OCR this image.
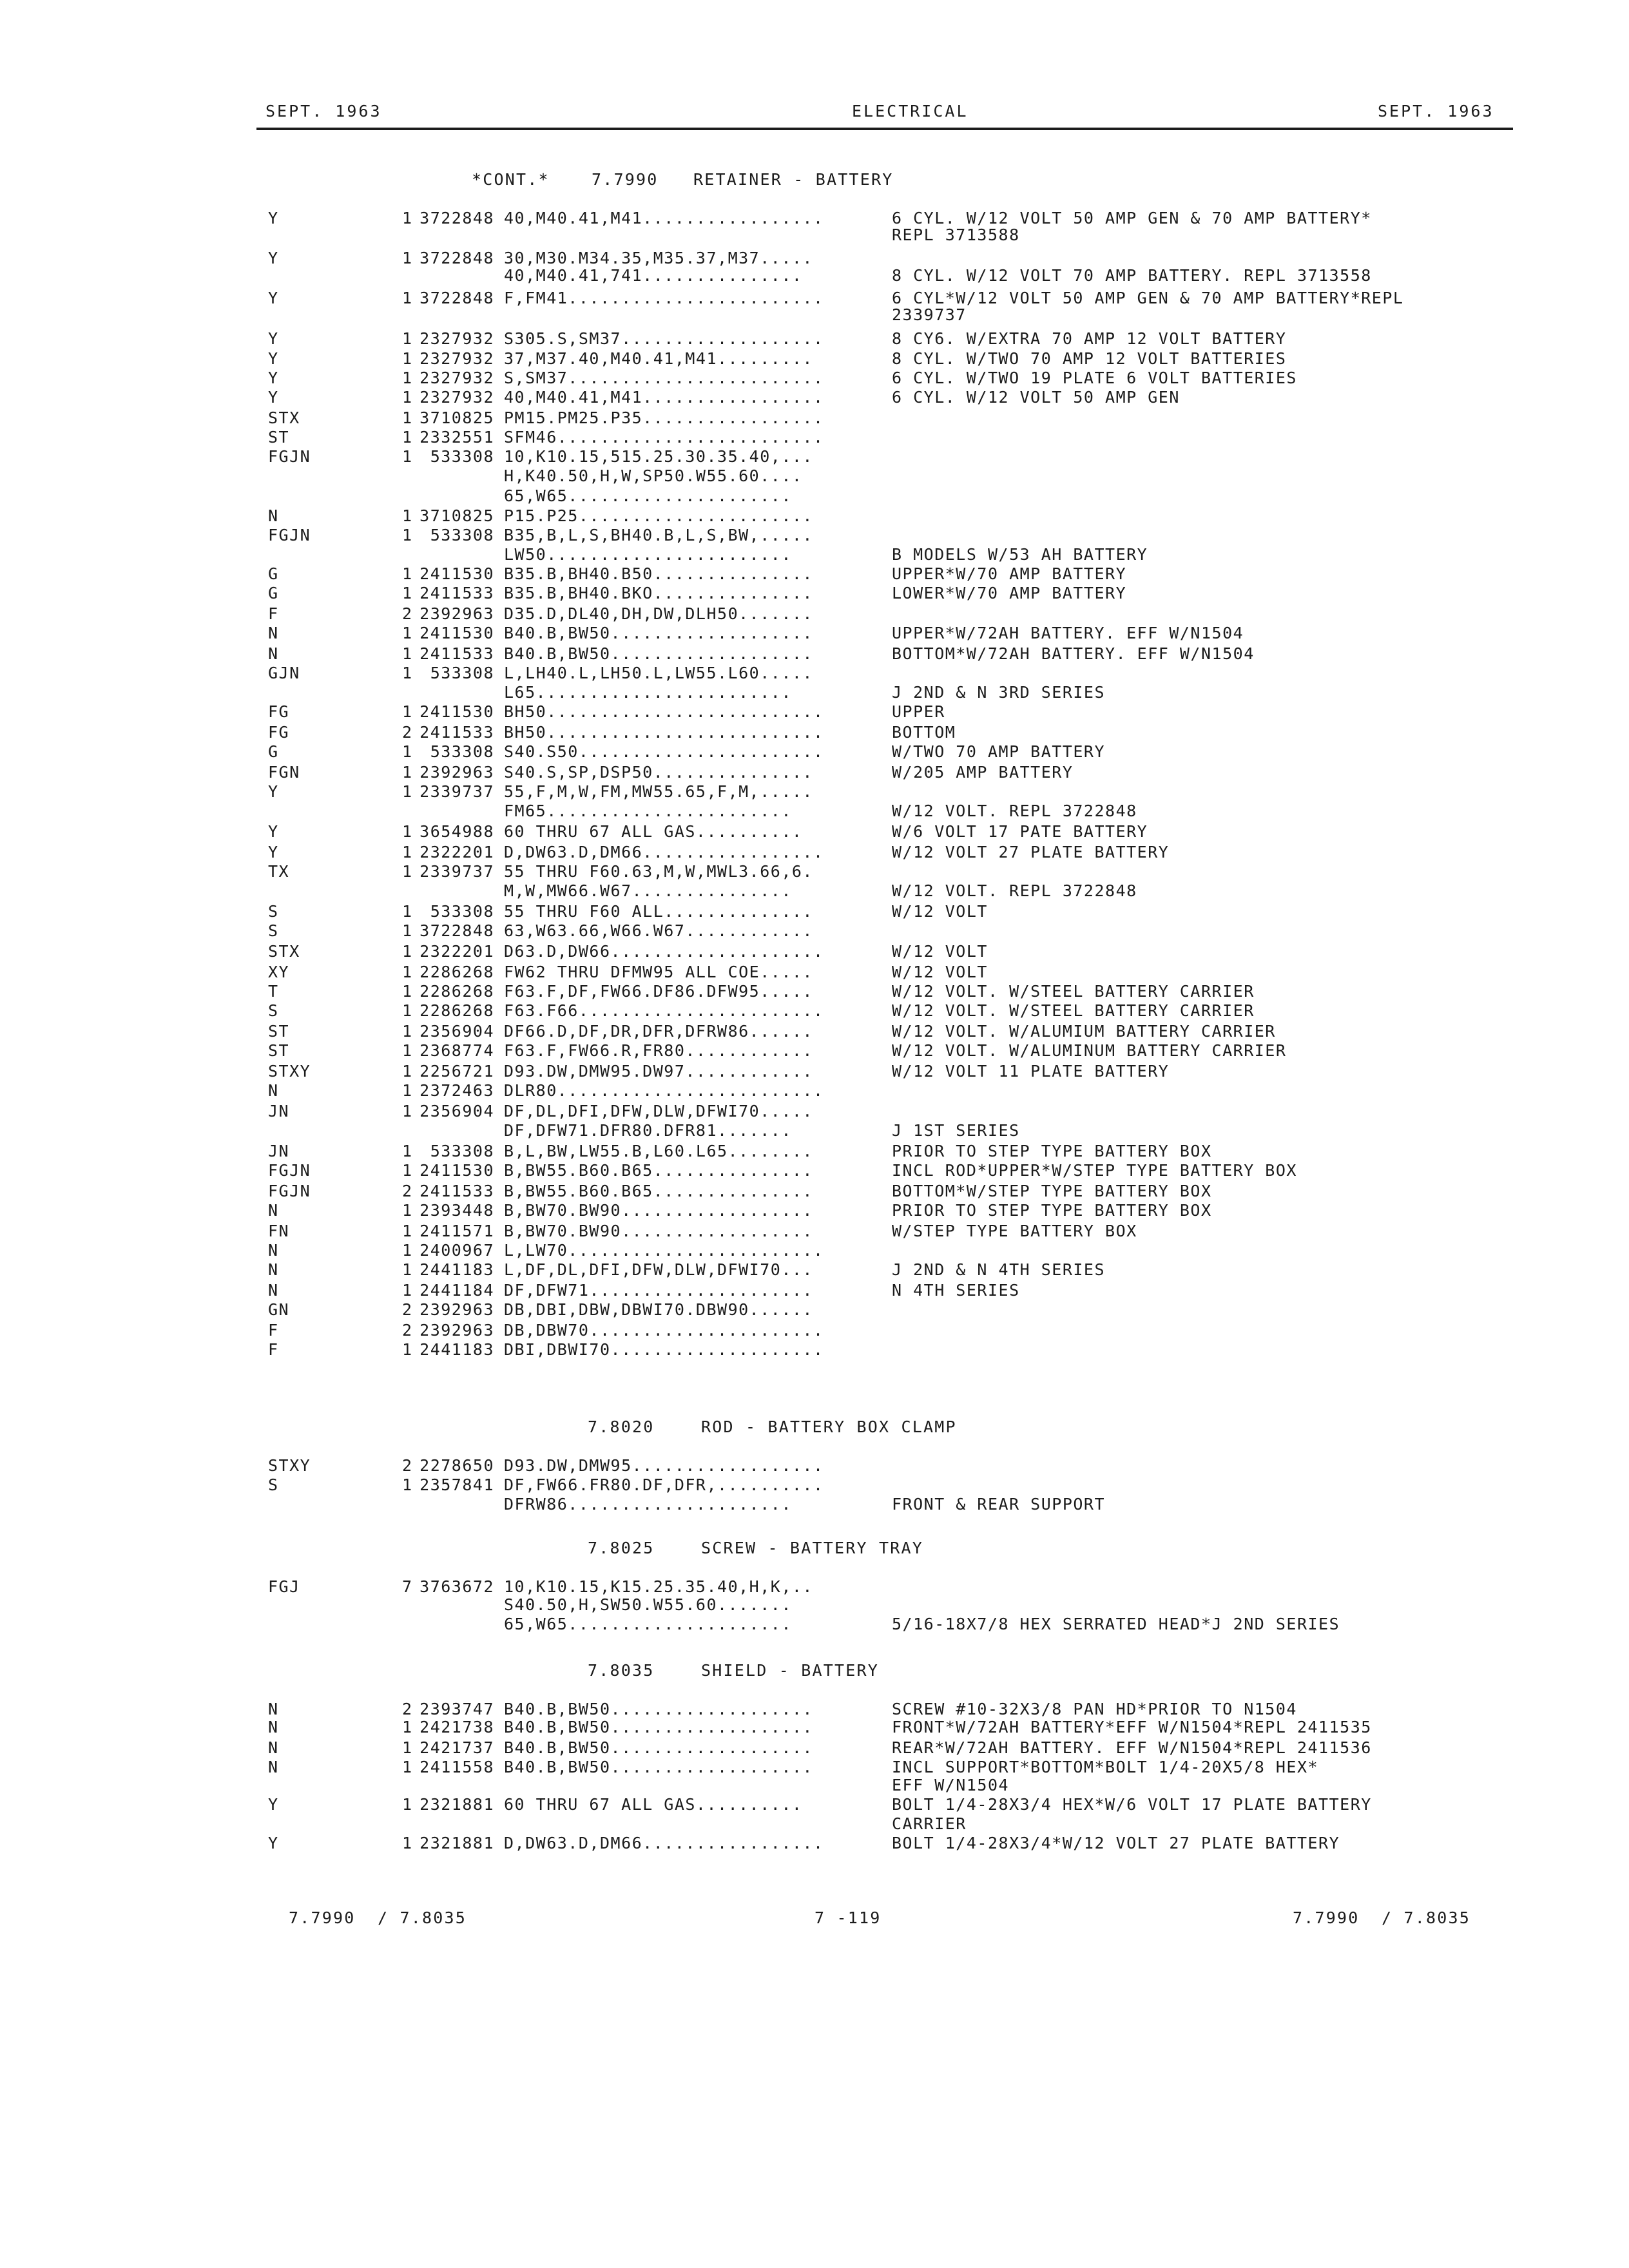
SEPT. 1963	ELECTRICAL	SEPT. 1963
*CONT.*	7.7990 RETAINER - BATTERY
7.8020	ROD - BATTERY BOX CLAMP
7.8025	SCREW - BATTERY TRAY
7.8035	SHIELD - BATTERY
Y	1 3722848 40,M40.41,M41.................	6 CYL. W/12 VOLT 50 AMP GEN & 70 AMP BATTERY*
REPL 3713588
Y	1 3722848 30,M30.M34.35,M35.37,M37.....
40,M40.41,741...............	8 CYL. W/12 VOLT 70 AMP BATTERY. REPL 3713558
Y	1 3722848 F,FM41........................	6 CYL*W/12 VOLT 50 AMP GEN & 70 AMP BATTERY*REPL
2339737
Y	1 2327932 S305.S,SM37...................	8 CY6. W/EXTRA 70 AMP 12 VOLT BATTERY
Y	1 2327932 37,M37.40,M40.41,M41.........	8 CYL. W/TWO 70 AMP 12 VOLT BATTERIES
Y	1 2327932 S,SM37........................	6 CYL. W/TWO 19 PLATE 6 VOLT BATTERIES
Y	1 2327932 40,M40.41,M41.................	6 CYL. W/12 VOLT 50 AMP GEN
STX	1 3710825 PM15.PM25.P35.................
ST	1 2332551 SFM46.........................
FGJN	1	533308 10,K10.15,515.25.30.35.40,...
H,K40.50,H,W,SP50.W55.60....
65,W65.....................
N	1 3710825 P15.P25......................
FGJN	1	533308 B35,B,L,S,BH40.B,L,S,BW,.....
LW50.......................	B MODELS W/53 AH BATTERY
G	1 2411530 B35.B,BH40.B50...............	UPPER*W/70 AMP BATTERY
G	1 2411533 B35.B,BH40.BKO...............	LOWER*W/70 AMP BATTERY
F	2 2392963 D35.D,DL40,DH,DW,DLH50.......
N	1 2411530 B40.B,BW50...................	UPPER*W/72AH BATTERY. EFF W/N1504
N	1 2411533 B40.B,BW50...................	BOTTOM*W/72AH BATTERY. EFF W/N1504
GJN	1	533308 L,LH40.L,LH50.L,LW55.L60.....
L65........................	J 2ND & N 3RD SERIES
FG	1 2411530 BH50..........................	UPPER
FG	2 2411533 BH50..........................	BOTTOM
G	1	533308 S40.S50.......................	W/TWO 70 AMP BATTERY
FGN	1 2392963 S40.S,SP,DSP50...............	W/205 AMP BATTERY
Y	1 2339737 55,F,M,W,FM,MW55.65,F,M,.....
FM65.......................	W/12 VOLT. REPL 3722848
Y	1 3654988 60 THRU 67 ALL GAS..........	W/6 VOLT 17 PATE BATTERY
Y	1 2322201 D,DW63.D,DM66.................	W/12 VOLT 27 PLATE BATTERY
TX	1 2339737 55 THRU F60.63,M,W,MWL3.66,6.
M,W,MW66.W67...............	W/12 VOLT. REPL 3722848
S	1	533308 55 THRU F60 ALL..............	W/12 VOLT
S	1 3722848 63,W63.66,W66.W67............
STX	1 2322201 D63.D,DW66....................	W/12 VOLT
XY	1 2286268 FW62 THRU DFMW95 ALL COE.....	W/12 VOLT
T	1 2286268 F63.F,DF,FW66.DF86.DFW95.....	W/12 VOLT. W/STEEL BATTERY CARRIER
S	1 2286268 F63.F66.......................	W/12 VOLT. W/STEEL BATTERY CARRIER
ST	1 2356904 DF66.D,DF,DR,DFR,DFRW86......	W/12 VOLT. W/ALUMIUM BATTERY CARRIER
ST	1 2368774 F63.F,FW66.R,FR80............	W/12 VOLT. W/ALUMINUM BATTERY CARRIER
STXY	1 2256721 D93.DW,DMW95.DW97............	W/12 VOLT 11 PLATE BATTERY
N	1 2372463 DLR80.........................
JN	1 2356904 DF,DL,DFI,DFW,DLW,DFWI70.....
DF,DFW71.DFR80.DFR81.......	J 1ST SERIES
JN	1	533308 B,L,BW,LW55.B,L60.L65........	PRIOR TO STEP TYPE BATTERY BOX
FGJN	1 2411530 B,BW55.B60.B65...............	INCL ROD*UPPER*W/STEP TYPE BATTERY BOX
FGJN	2 2411533 B,BW55.B60.B65...............	BOTTOM*W/STEP TYPE BATTERY BOX
N	1 2393448 B,BW70.BW90..................	PRIOR TO STEP TYPE BATTERY BOX
FN	1 2411571 B,BW70.BW90..................	W/STEP TYPE BATTERY BOX
N	1 2400967 L,LW70........................
N	1 2441183 L,DF,DL,DFI,DFW,DLW,DFWI70...	J 2ND & N 4TH SERIES
N	1 2441184 DF,DFW71.....................	N 4TH SERIES
GN	2 2392963 DB,DBI,DBW,DBWI70.DBW90......
F	2 2392963 DB,DBW70......................
F	1 2441183 DBI,DBWI70....................
STXY	2 2278650 D93.DW,DMW95..................
S	1 2357841 DF,FW66.FR80.DF,DFR,..........
DFRW86.....................	FRONT & REAR SUPPORT
FGJ	7 3763672 10,K10.15,K15.25.35.40,H,K,..
S40.50,H,SW50.W55.60.......
65,W65.....................	5/16-18X7/8 HEX SERRATED HEAD*J 2ND SERIES
N	2 2393747 B40.B,BW50...................	SCREW #10-32X3/8 PAN HD*PRIOR TO N1504
N	1 2421738 B40.B,BW50...................	FRONT*W/72AH BATTERY*EFF W/N1504*REPL 2411535
N	1 2421737 B40.B,BW50...................	REAR*W/72AH BATTERY. EFF W/N1504*REPL 2411536
N	1 2411558 B40.B,BW50...................	INCL SUPPORT*BOTTOM*BOLT 1/4-20X5/8 HEX*
EFF W/N1504
Y	1 2321881 60 THRU 67 ALL GAS..........	BOLT 1/4-28X3/4 HEX*W/6 VOLT 17 PLATE BATTERY
CARRIER
Y	1 2321881 D,DW63.D,DM66.................	BOLT 1/4-28X3/4*W/12 VOLT 27 PLATE BATTERY
7.7990  / 7.8035	7 -119	7.7990  / 7.8035
